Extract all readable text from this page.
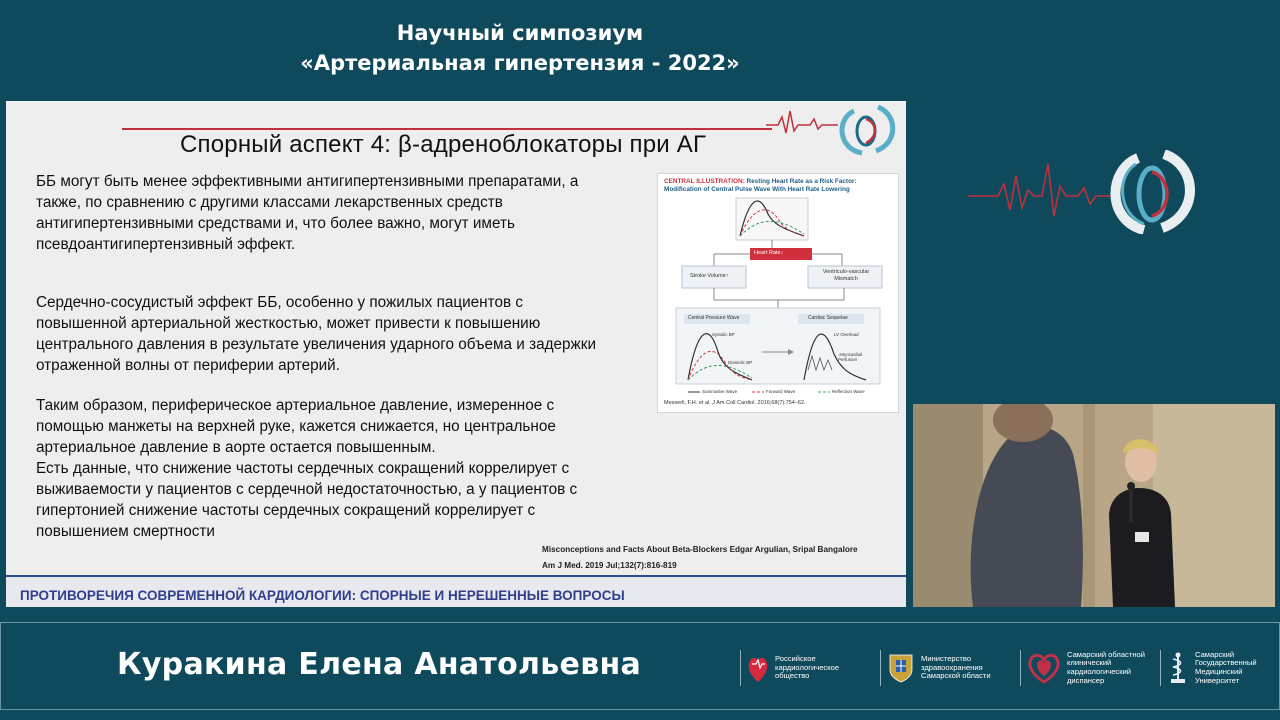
Научный симпозиум
«Артериальная гипертензия - 2022»
Спорный аспект 4: β-адреноблокаторы при АГ
ББ могут быть менее эффективными антигипертензивными препаратами, а
также, по сравнению с другими классами лекарственных средств
антигипертензивными средствами и, что более важно, могут иметь
псевдоантигипертензивный эффект.
Сердечно-сосудистый эффект ББ, особенно у пожилых пациентов с
повышенной артериальной жесткостью, может привести к повышению
центрального давления в результате увеличения ударного объема и задержки
отраженной волны от периферии артерий.
Таким образом, периферическое артериальное давление, измеренное с
помощью манжеты на верхней руке, кажется снижается, но центральное
артериальное давление в аорте остается повышенным.
Есть данные, что снижение частоты сердечных сокращений коррелирует с
выживаемости у пациентов с сердечной недостаточностью, а у пациентов с
гипертонией снижение частоты сердечных сокращений коррелирует с
повышением смертности
CENTRAL ILLUSTRATION: Resting Heart Rate as a Risk Factor: Modification of Central Pulse Wave With Heart Rate Lowering
Heart Rate↓
Stroke Volume↑
Ventriculo-vascular Mismatch
Central Pressure Wave	Cardiac Sequelae
Systolic BP
Diastolic BP
LV Overload
↓Myocardial Perfusion
Summative Wave	Forward Wave	Reflection Wave
Messerli, F.H. et al. J Am Coll Cardiol. 2016;68(7):754–62.
Misconceptions and Facts About Beta-Blockers Edgar Argulian, Sripal Bangalore
Am J Med. 2019 Jul;132(7):816-819
ПРОТИВОРЕЧИЯ СОВРЕМЕННОЙ КАРДИОЛОГИИ: СПОРНЫЕ И НЕРЕШЕННЫЕ ВОПРОСЫ
Куракина Елена Анатольевна	Российское
кардиологическое
общество
Министерство
здравоохранения
Самарской области
Самарский областной
клинический
кардиологический
диспансер
Самарский
Государственный
Медицинский
Университет
